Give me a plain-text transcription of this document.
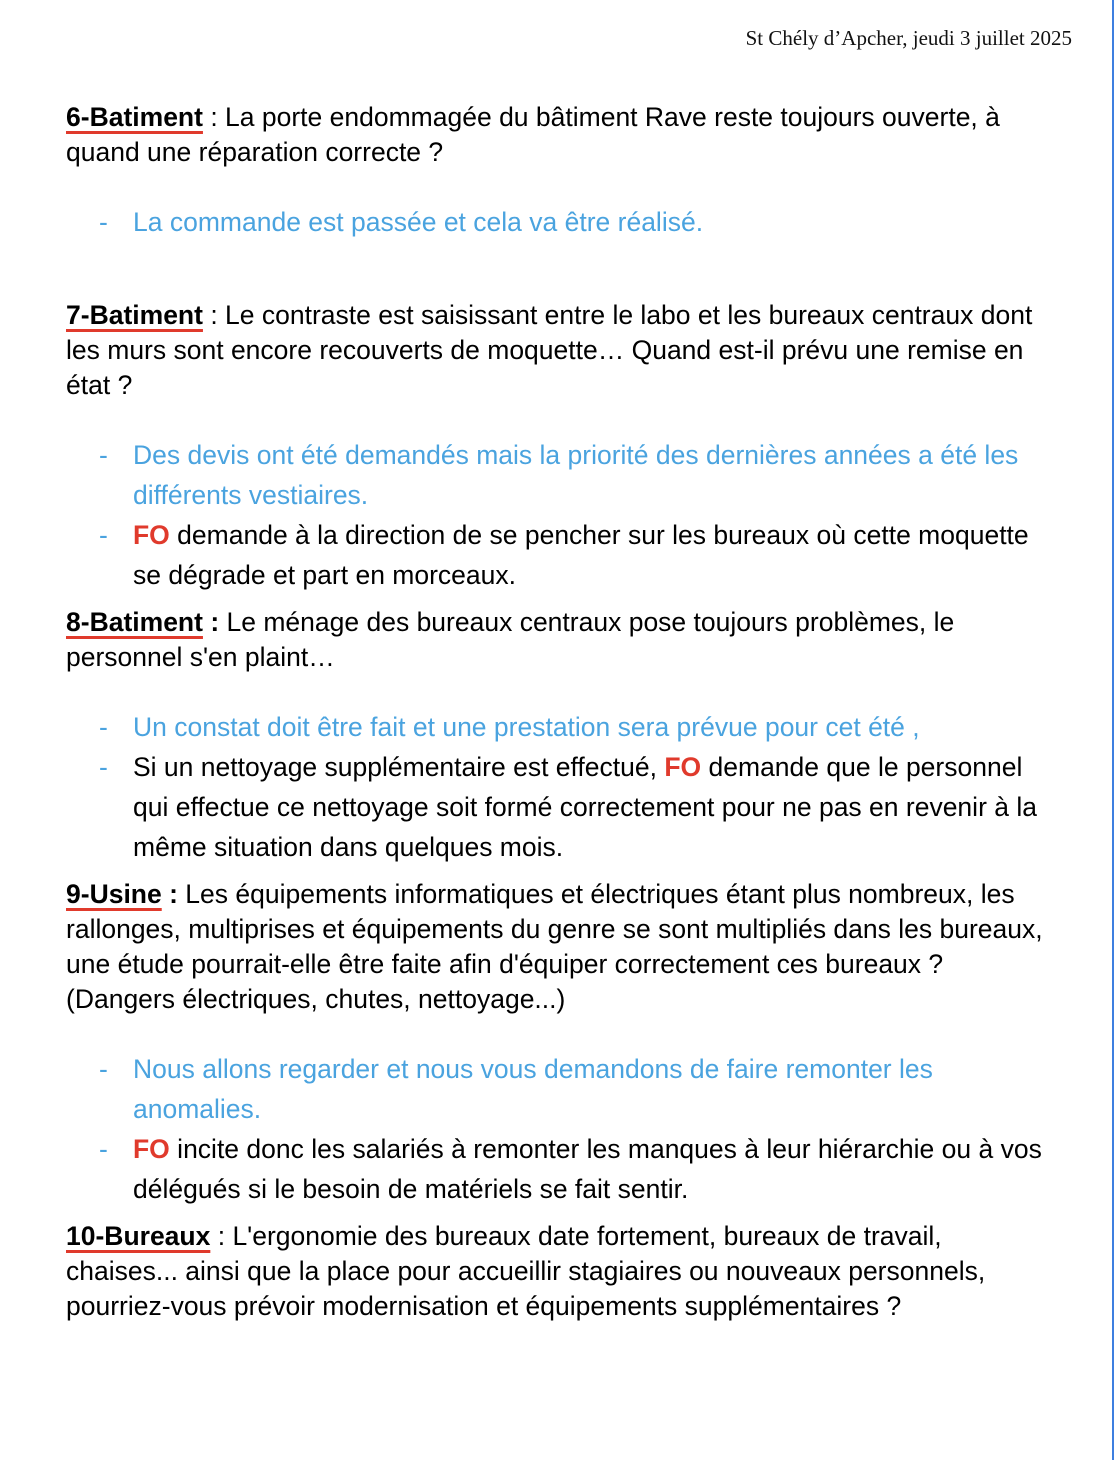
St Chély d’Apcher, jeudi 3 juillet 2025

6-Batiment : La porte endommagée du bâtiment Rave reste toujours ouverte, à quand une réparation correcte ?

- La commande est passée et cela va être réalisé.

7-Batiment : Le contraste est saisissant entre le labo et les bureaux centraux dont les murs sont encore recouverts de moquette… Quand est-il prévu une remise en état ?

- Des devis ont été demandés mais la priorité des dernières années a été les différents vestiaires.
- FO demande à la direction de se pencher sur les bureaux où cette moquette se dégrade et part en morceaux.

8-Batiment : Le ménage des bureaux centraux pose toujours problèmes, le personnel s'en plaint…

- Un constat doit être fait et une prestation sera prévue pour cet été ,
- Si un nettoyage supplémentaire est effectué, FO demande que le personnel qui effectue ce nettoyage soit formé correctement pour ne pas en revenir à la même situation dans quelques mois.

9-Usine : Les équipements informatiques et électriques étant plus nombreux, les rallonges, multiprises et équipements du genre se sont multipliés dans les bureaux, une étude pourrait-elle être faite afin d'équiper correctement ces bureaux ? (Dangers électriques, chutes, nettoyage...)

- Nous allons regarder et nous vous demandons de faire remonter les anomalies.
- FO incite donc les salariés à remonter les manques à leur hiérarchie ou à vos délégués si le besoin de matériels se fait sentir.

10-Bureaux : L'ergonomie des bureaux date fortement, bureaux de travail, chaises... ainsi que la place pour accueillir stagiaires ou nouveaux personnels, pourriez-vous prévoir modernisation et équipements supplémentaires ?
